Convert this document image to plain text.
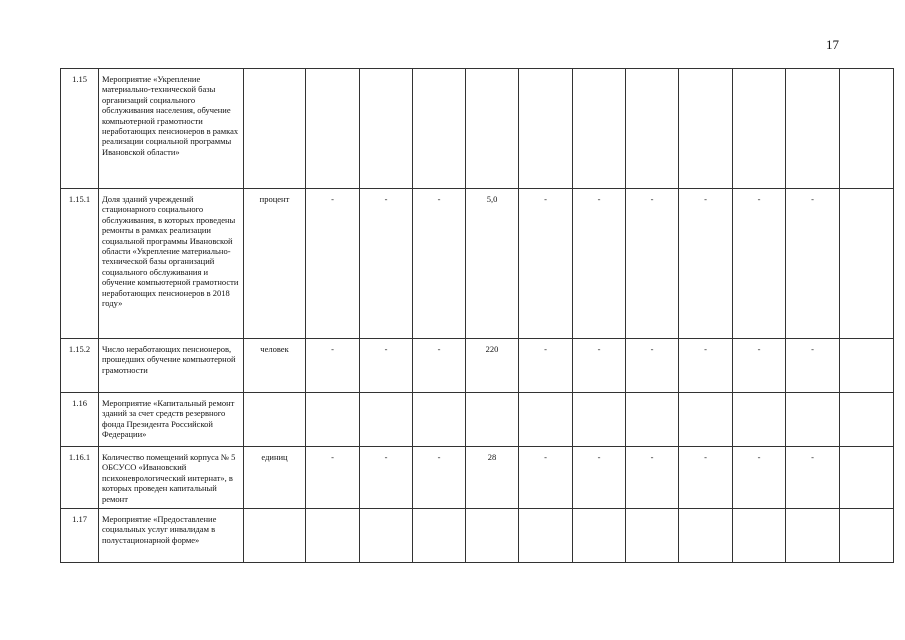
17
1.15	Мероприятие «Укрепление материально-технической базы организаций социального обслуживания населения, обучение компьютерной грамотности неработающих пенсионеров в рамках реализации социальной программы Ивановской области»												
1.15.1	Доля зданий учреждений стационарного социального обслуживания, в которых проведены ремонты в рамках реализации социальной программы Ивановской области «Укрепление материально-технической базы организаций социального обслуживания и обучение компьютерной грамотности неработающих пенсионеров в 2018 году»	процент	-	-	-	5,0	-	-	-	-	-	-	
1.15.2	Число неработающих пенсионеров, прошедших обучение компьютерной грамотности	человек	-	-	-	220	-	-	-	-	-	-	
1.16	Мероприятие «Капитальный ремонт зданий за счет средств резервного фонда Президента Российской Федерации»												
1.16.1	Количество помещений корпуса № 5 ОБСУСО «Ивановский психоневрологический интернат», в которых проведен капитальный ремонт	единиц	-	-	-	28	-	-	-	-	-	-	
1.17	Мероприятие «Предоставление социальных услуг инвалидам в полустационарной форме»												
